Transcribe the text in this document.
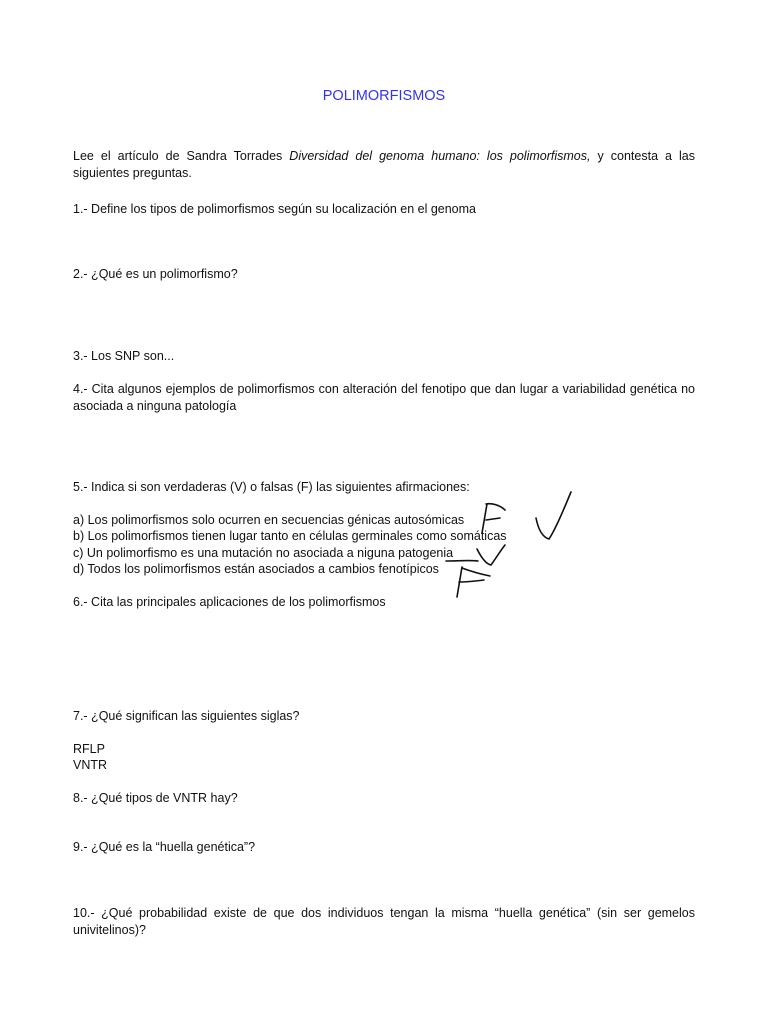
POLIMORFISMOS
Lee el artículo de Sandra Torrades Diversidad del genoma humano: los polimorfismos, y contesta a las siguientes preguntas.
1.- Define los tipos de polimorfismos según su localización en el genoma
2.- ¿Qué es un polimorfismo?
3.- Los SNP son...
4.- Cita algunos ejemplos de polimorfismos con alteración del fenotipo que dan lugar a variabilidad genética no asociada a ninguna patología
5.- Indica si son verdaderas (V) o falsas (F) las siguientes afirmaciones:
a) Los polimorfismos solo ocurren en secuencias génicas autosómicas
b) Los polimorfismos tienen lugar tanto en células germinales como somáticas
c) Un polimorfismo es una mutación no asociada a niguna patogenia
d) Todos los polimorfismos están asociados a cambios fenotípicos
6.- Cita las principales aplicaciones de los polimorfismos
7.- ¿Qué significan las siguientes siglas?
RFLP
VNTR
8.- ¿Qué tipos de VNTR hay?
9.- ¿Qué es la “huella genética”?
10.- ¿Qué probabilidad existe de que dos individuos tengan la misma “huella genética” (sin ser gemelos univitelinos)?
